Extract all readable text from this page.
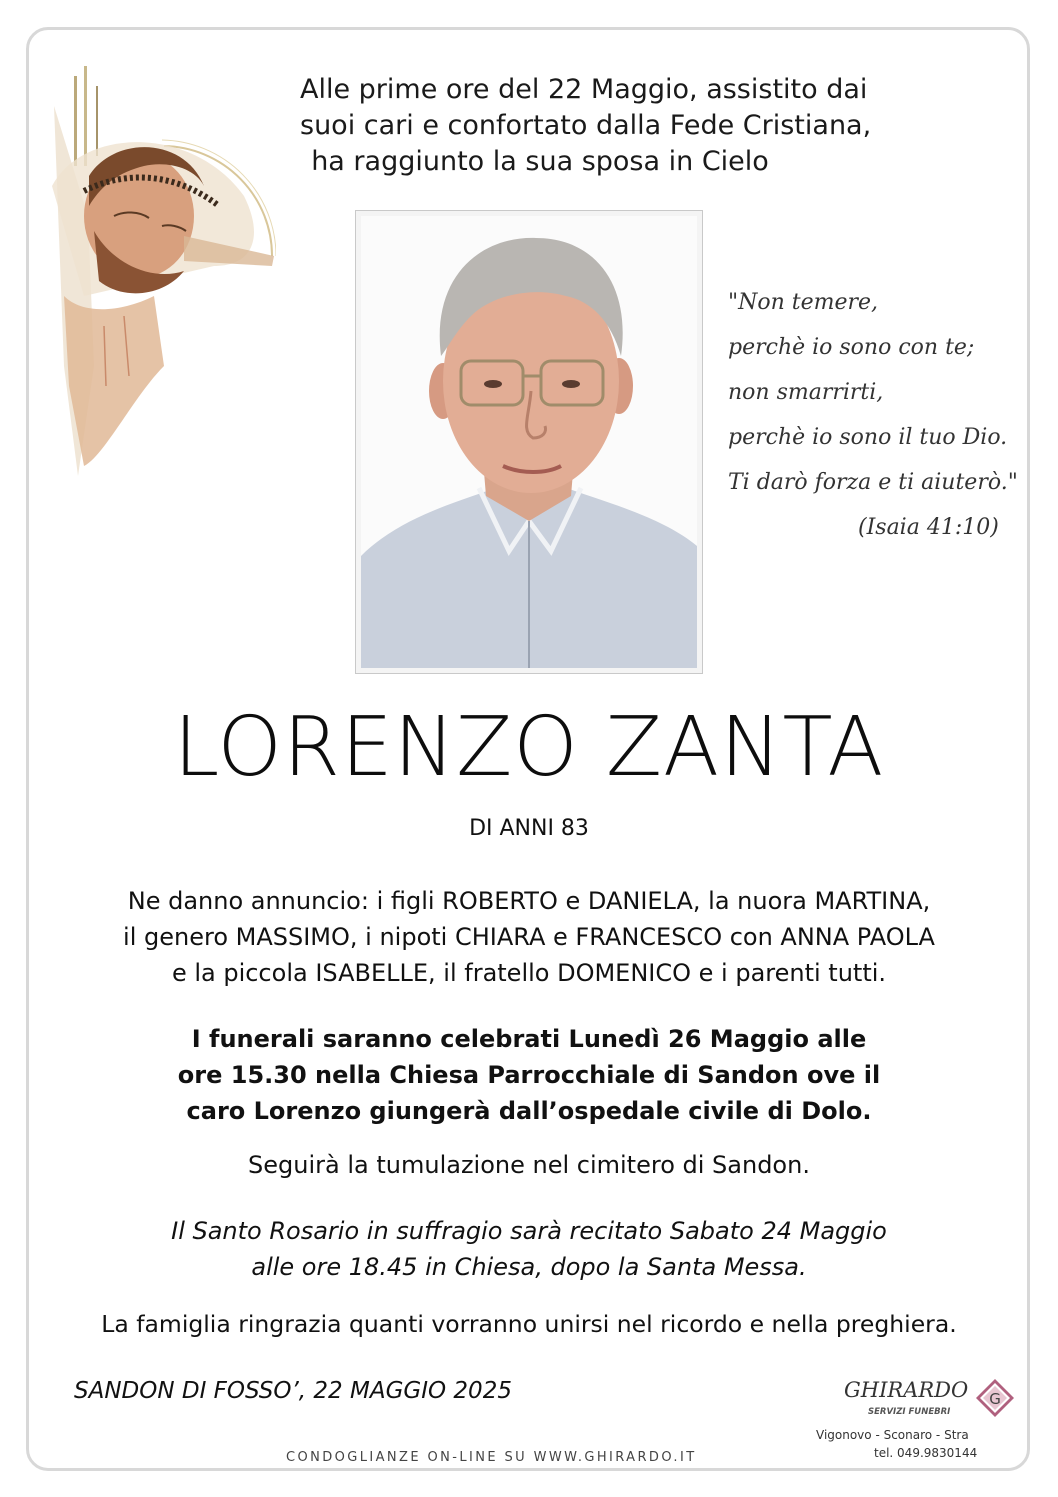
Alle prime ore del 22 Maggio, assistito dai
suoi cari e confortato dalla Fede Cristiana,
ha raggiunto la sua sposa in Cielo
"Non temere,
perchè io sono con te;
non smarrirti,
perchè io sono il tuo Dio.
Ti darò forza e ti aiuterò."
(Isaia 41:10)
LORENZO ZANTA
DI ANNI 83
Ne danno annuncio: i figli ROBERTO e DANIELA, la nuora MARTINA,
il genero MASSIMO, i nipoti CHIARA e FRANCESCO con ANNA PAOLA
e la piccola ISABELLE, il fratello DOMENICO e i parenti tutti.
I funerali saranno celebrati Lunedì 26 Maggio alle
ore 15.30 nella Chiesa Parrocchiale di Sandon ove il
caro Lorenzo giungerà dall’ospedale civile di Dolo.
Seguirà la tumulazione nel cimitero di Sandon.
Il Santo Rosario in suffragio sarà recitato Sabato 24 Maggio
alle ore 18.45 in Chiesa, dopo la Santa Messa.
La famiglia ringrazia quanti vorranno unirsi nel ricordo e nella preghiera.
SANDON DI FOSSO’, 22 MAGGIO 2025
CONDOGLIANZE ON-LINE SU WWW.GHIRARDO.IT
GHIRARDO
SERVIZI FUNEBRI
G
Vigonovo - Sconaro - Stra
tel. 049.9830144
